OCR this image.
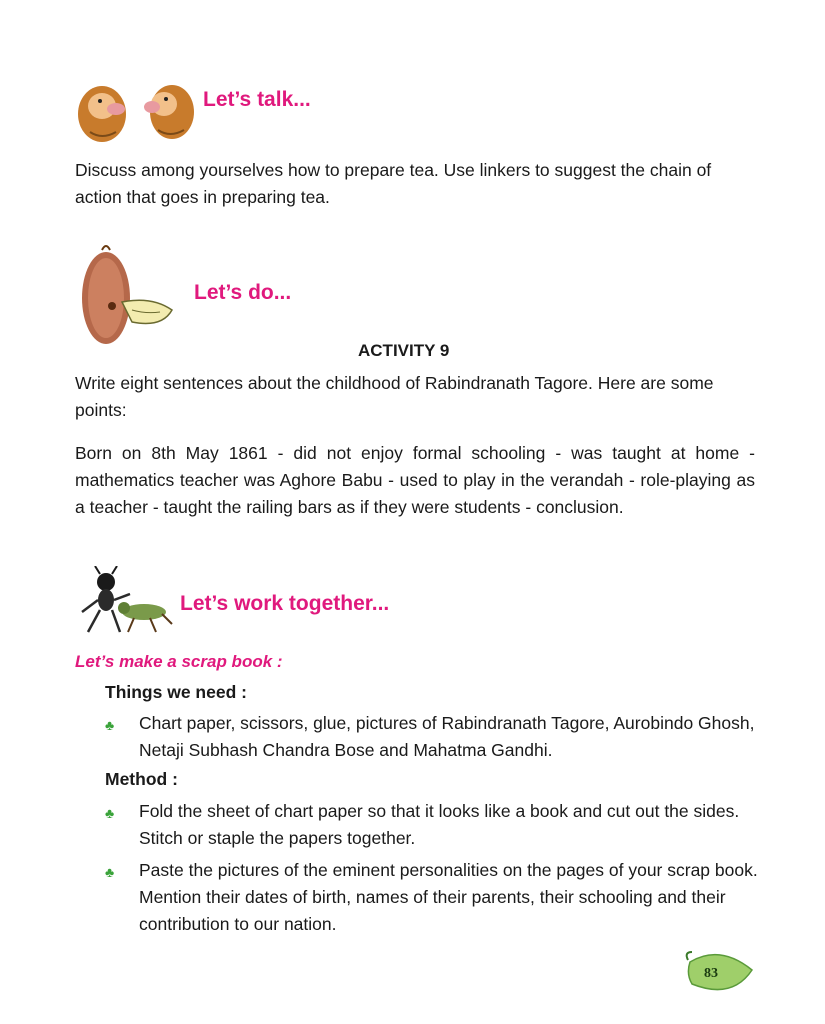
Let’s talk...
Discuss among yourselves how to prepare tea. Use linkers to suggest the chain of action that goes in preparing tea.
Let’s do...
ACTIVITY 9
Write eight sentences about the childhood of Rabindranath Tagore. Here are some points:
Born on 8th May 1861 - did not enjoy formal schooling - was taught at home - mathematics teacher was Aghore Babu - used to play in the verandah - role-playing as a teacher - taught the railing bars as if they were students - conclusion.
Let’s work together...
Let’s make a scrap book :
Things we need :
♣	Chart paper, scissors, glue, pictures of Rabindranath Tagore, Aurobindo Ghosh, Netaji Subhash Chandra Bose and Mahatma Gandhi.
Method :
♣	Fold the sheet of chart paper so that it looks like a book and cut out the sides. Stitch or staple the papers together.
♣	Paste the pictures of the eminent personalities on the pages of your scrap book. Mention their dates of birth, names of their parents, their schooling and their contribution to our nation.
83
